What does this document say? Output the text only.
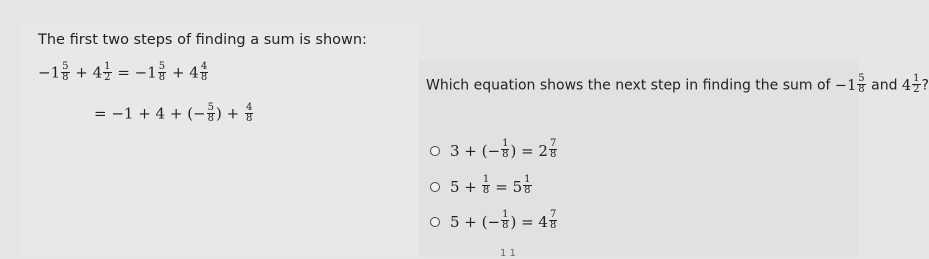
The first two steps of finding a sum is shown:
$-1 \frac{5}{8} + 4 \frac{1}{2} = -1 \frac{5}{8} + 4 \frac{4}{8}$
= −1 + 4 + (− $\frac{5}{8}$ ) + $\frac{4}{8}$
Which equation shows the next step in finding the sum of $-1 \frac{5}{8}$ and $4 \frac{1}{2}$ ?
3 + (− $\frac{1}{8}$ ) = $2 \frac{7}{8}$
$5 + \frac{1}{8} = 5 \frac{1}{8}$
5 + (− $\frac{1}{8}$ ) = $4 \frac{7}{8}$
1 1
